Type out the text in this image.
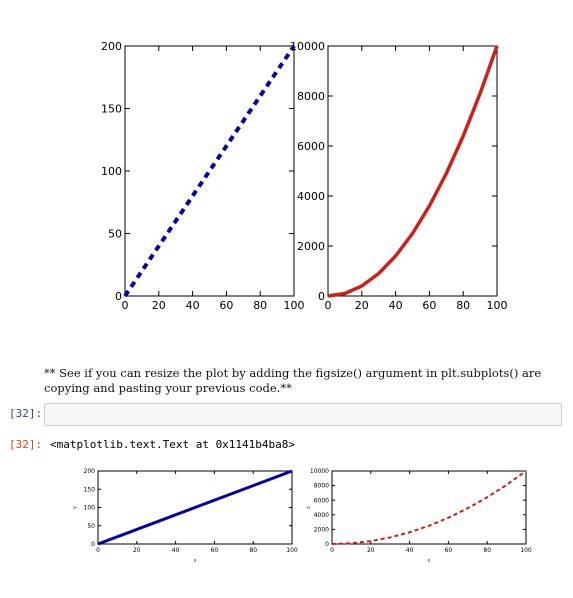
0 20 40 60 80 100
0
50
100
150
200
0 20 40 60 80 100
0
2000
4000
6000
8000
10000
** See if you can resize the plot by adding the figsize() argument in plt.subplots() are copying and pasting your previous code.**
[32]:
[32]: <matplotlib.text.Text at 0x1141b4ba8>
0	20	40	60	80	100
0
50
100
150
200
x
y
0	20	40	60	80	100
0
2000
4000
6000
8000
10000
x
z
